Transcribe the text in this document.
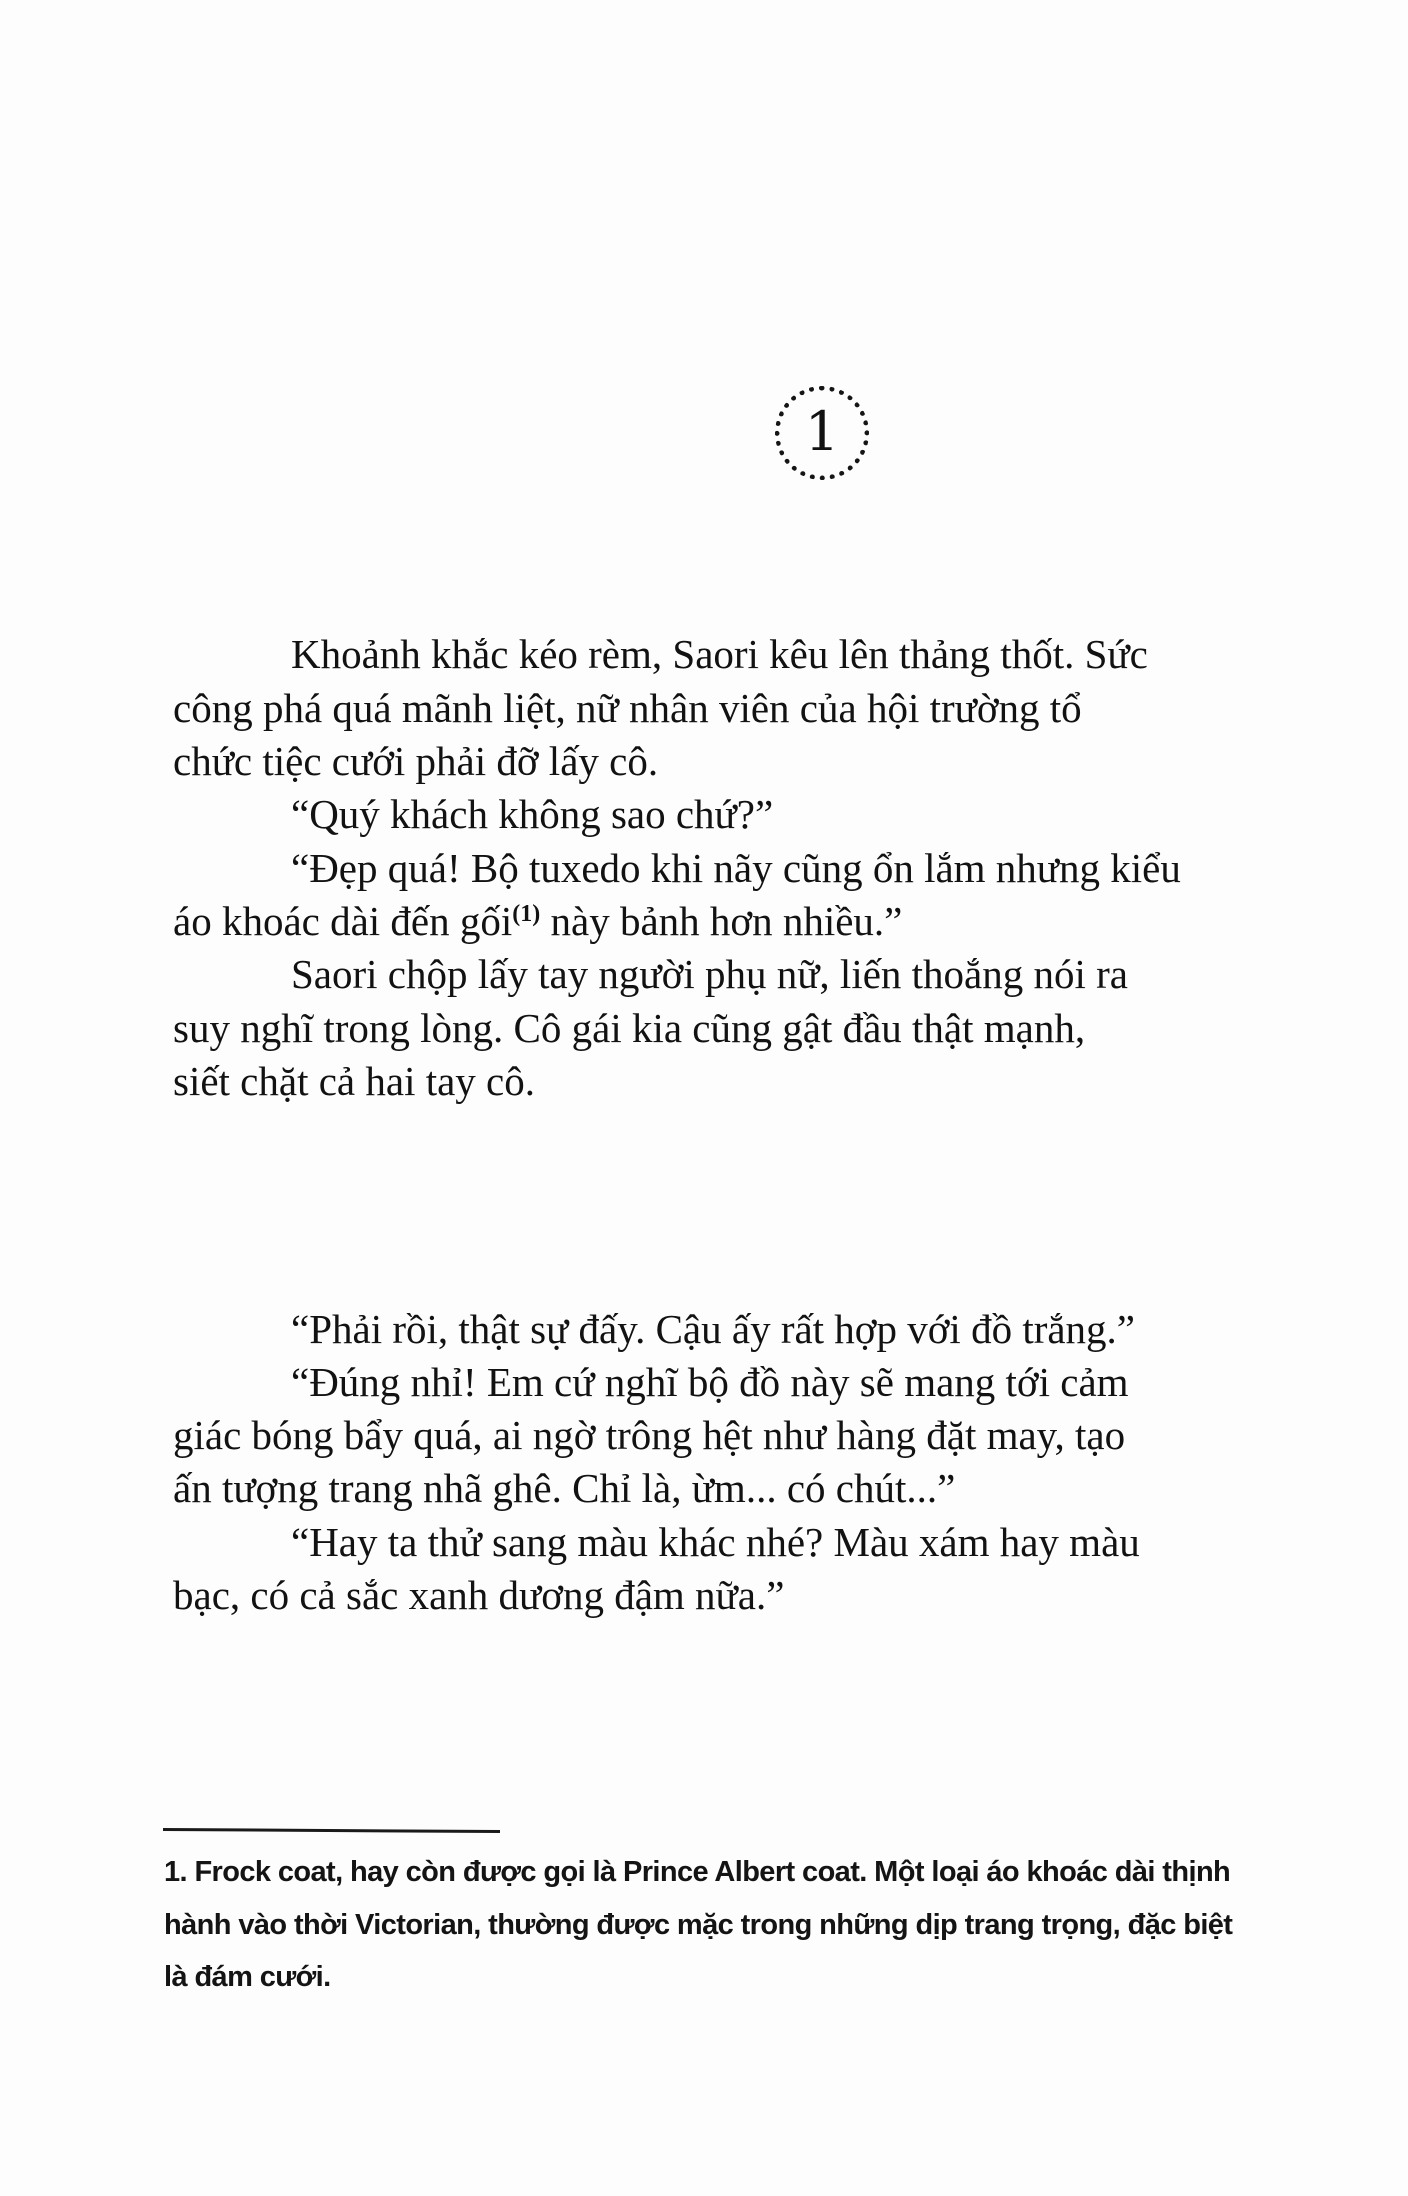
1
Khoảnh khắc kéo rèm, Saori kêu lên thảng thốt. Sức
công phá quá mãnh liệt, nữ nhân viên của hội trường tổ
chức tiệc cưới phải đỡ lấy cô.
“Quý khách không sao chứ?”
“Đẹp quá! Bộ tuxedo khi nãy cũng ổn lắm nhưng kiểu
áo khoác dài đến gối$^{(1)}$ này bảnh hơn nhiều.”
Saori chộp lấy tay người phụ nữ, liến thoắng nói ra
suy nghĩ trong lòng. Cô gái kia cũng gật đầu thật mạnh,
siết chặt cả hai tay cô.
“Phải rồi, thật sự đấy. Cậu ấy rất hợp với đồ trắng.”
“Đúng nhỉ! Em cứ nghĩ bộ đồ này sẽ mang tới cảm
giác bóng bẩy quá, ai ngờ trông hệt như hàng đặt may, tạo
ấn tượng trang nhã ghê. Chỉ là, ừm... có chút...”
“Hay ta thử sang màu khác nhé? Màu xám hay màu
bạc, có cả sắc xanh dương đậm nữa.”
1. Frock coat, hay còn được gọi là Prince Albert coat. Một loại áo khoác dài thịnh
hành vào thời Victorian, thường được mặc trong những dịp trang trọng, đặc biệt
là đám cưới.
